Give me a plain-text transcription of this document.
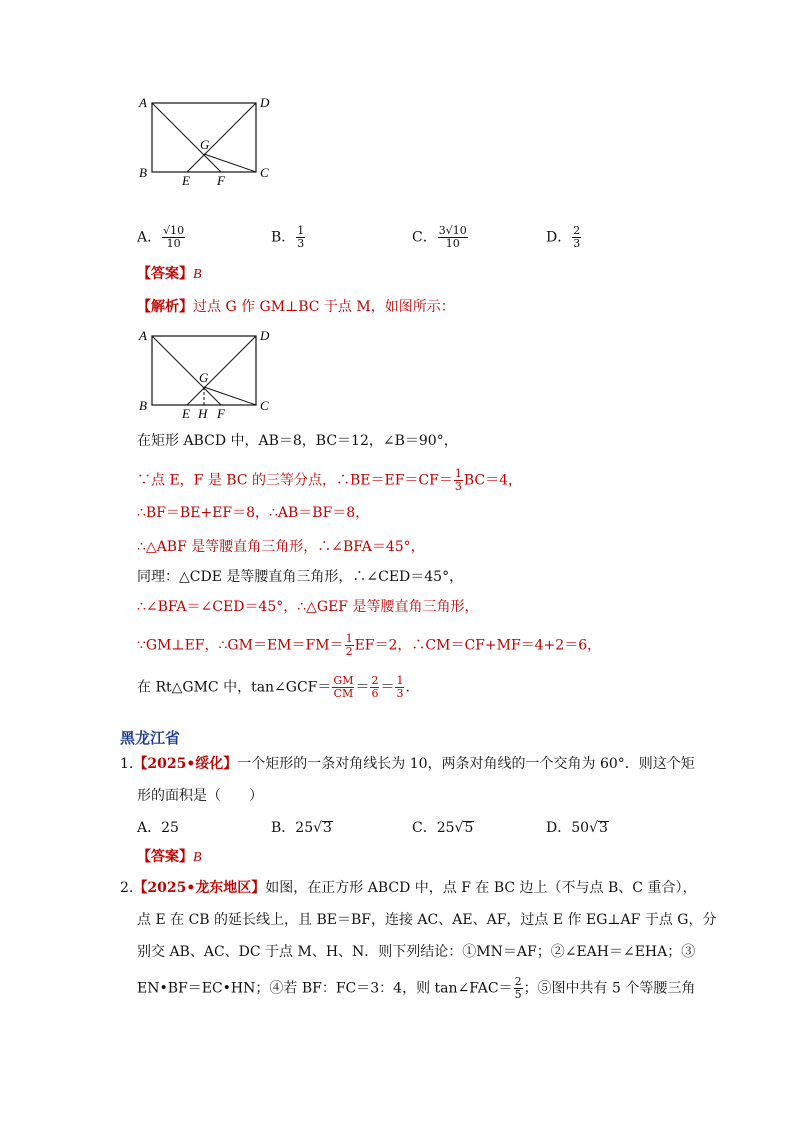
A	D
G
B
E F
C
A． $\frac{√10}{10}$	B． $\frac{1}{3}$	C． $\frac{3√10}{10}$	D． $\frac{2}{3}$
【答案】B
【解析】过点 G 作 GM⊥BC 于点 M，如图所示：
A	D
G
B
E H F
C
在矩形 ABCD 中，AB＝8，BC＝12，∠B＝90°，
∵点 E，F 是 BC 的三等分点，∴BE＝EF＝CF＝ $\frac{1}{3} BC=4$，
∴BF＝BE+EF＝8，∴AB＝BF＝8，
∴△ABF 是等腰直角三角形，∴∠BFA＝45°，
同理：△CDE 是等腰直角三角形，∴∠CED＝45°，
∴∠BFA＝∠CED＝45°，∴△GEF 是等腰直角三角形，
∵GM⊥EF，∴GM＝EM＝FM＝ $\frac{1}{2} EF=2$，∴CM＝CF+MF＝4+2＝6，
在 Rt△GMC 中，tan∠GCF＝ $\frac{GM}{CM} = \frac{2}{6} = \frac{1}{3}$ .
黑龙江省
1.【2025•绥化】一个矩形的一条对角线长为 10，两条对角线的一个交角为 60°．则这个矩
形的面积是（　　）
A．25	B．25√3	C．25√5	D．50√3
【答案】B
2.【2025•龙东地区】如图，在正方形 ABCD 中，点 F 在 BC 边上（不与点 B、C 重合），
点 E 在 CB 的延长线上，且 BE＝BF，连接 AC、AE、AF，过点 E 作 EG⊥AF 于点 G，分
别交 AB、AC、DC 于点 M、H、N．则下列结论：①MN＝AF；②∠EAH＝∠EHA；③
EN•BF＝EC•HN；④若 BF：FC＝3：4，则 tan∠FAC＝ $\frac{2}{5}$ ；⑤图中共有 5 个等腰三角
